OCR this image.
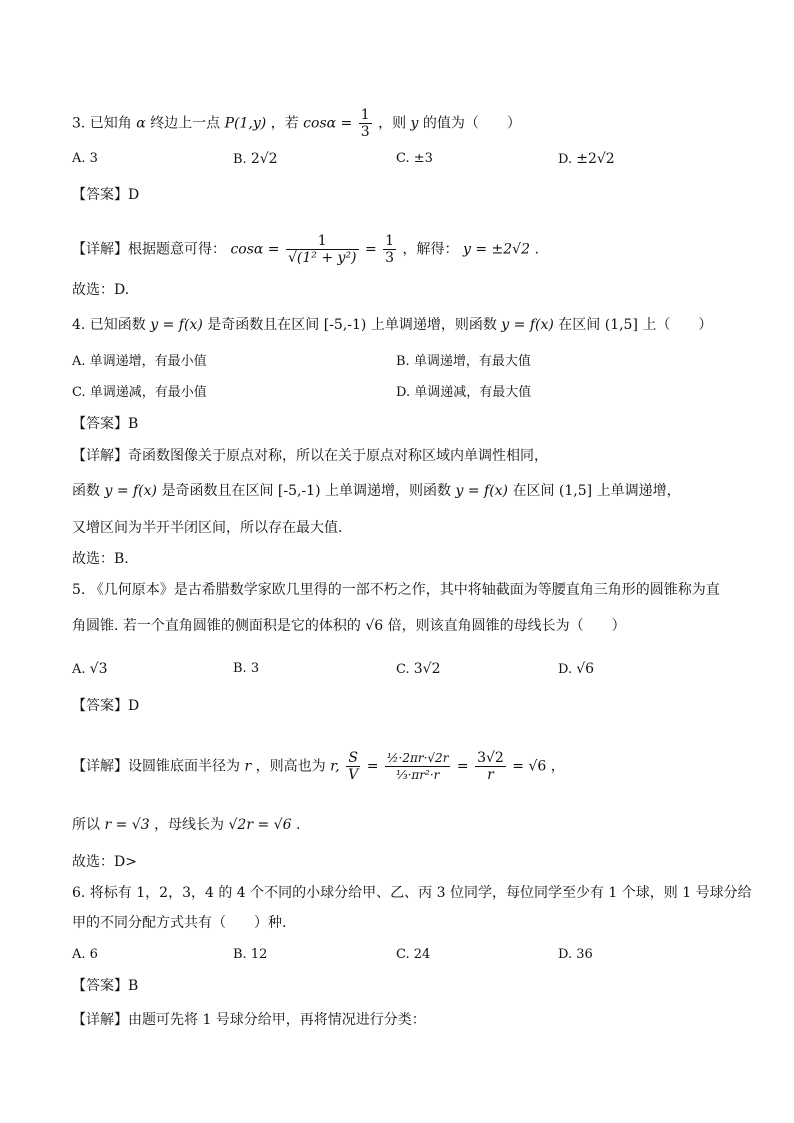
3. 已知角 α 终边上一点 P(1,y) ，若 $\cos\alpha = \frac{1}{3}$ ，则 y 的值为（　　）
A. 3	B. 2√2	C. ±3	D. ±2√2
【答案】D
【详解】根据题意可得： $\cos\alpha = \frac{1}{\text{√(1² + y²)}} = \frac{1}{3}$ ，解得： y = ±2√2 .
故选：D.
4. 已知函数 y = f(x) 是奇函数且在区间 [-5,-1) 上单调递增，则函数 y = f(x) 在区间 (1,5] 上（　　）
A. 单调递增，有最小值	B. 单调递增，有最大值
C. 单调递减，有最小值	D. 单调递减，有最大值
【答案】B
【详解】奇函数图像关于原点对称，所以在关于原点对称区域内单调性相同，
函数 y = f(x) 是奇函数且在区间 [-5,-1) 上单调递增，则函数 y = f(x) 在区间 (1,5] 上单调递增，
又增区间为半开半闭区间，所以存在最大值.
故选：B.
5. 《几何原本》是古希腊数学家欧几里得的一部不朽之作，其中将轴截面为等腰直角三角形的圆锥称为直
角圆锥. 若一个直角圆锥的侧面积是它的体积的 √6 倍，则该直角圆锥的母线长为（　　）
A. √3	B. 3	C. 3√2	D. √6
【答案】D
【详解】设圆锥底面半径为 r ，则高也为 r, $\frac{S}{V} = \frac{\text{½·2πr·√2r}}{\text{⅓·πr²·r}} = \frac{3√2}{r} = √6$ ，
所以 r = √3 ，母线长为 √2r = √6 .
故选：D>
6. 将标有 1，2，3，4 的 4 个不同的小球分给甲、乙、丙 3 位同学，每位同学至少有 1 个球，则 1 号球分给
甲的不同分配方式共有（　　）种.
A. 6	B. 12	C. 24	D. 36
【答案】B
【详解】由题可先将 1 号球分给甲，再将情况进行分类：
